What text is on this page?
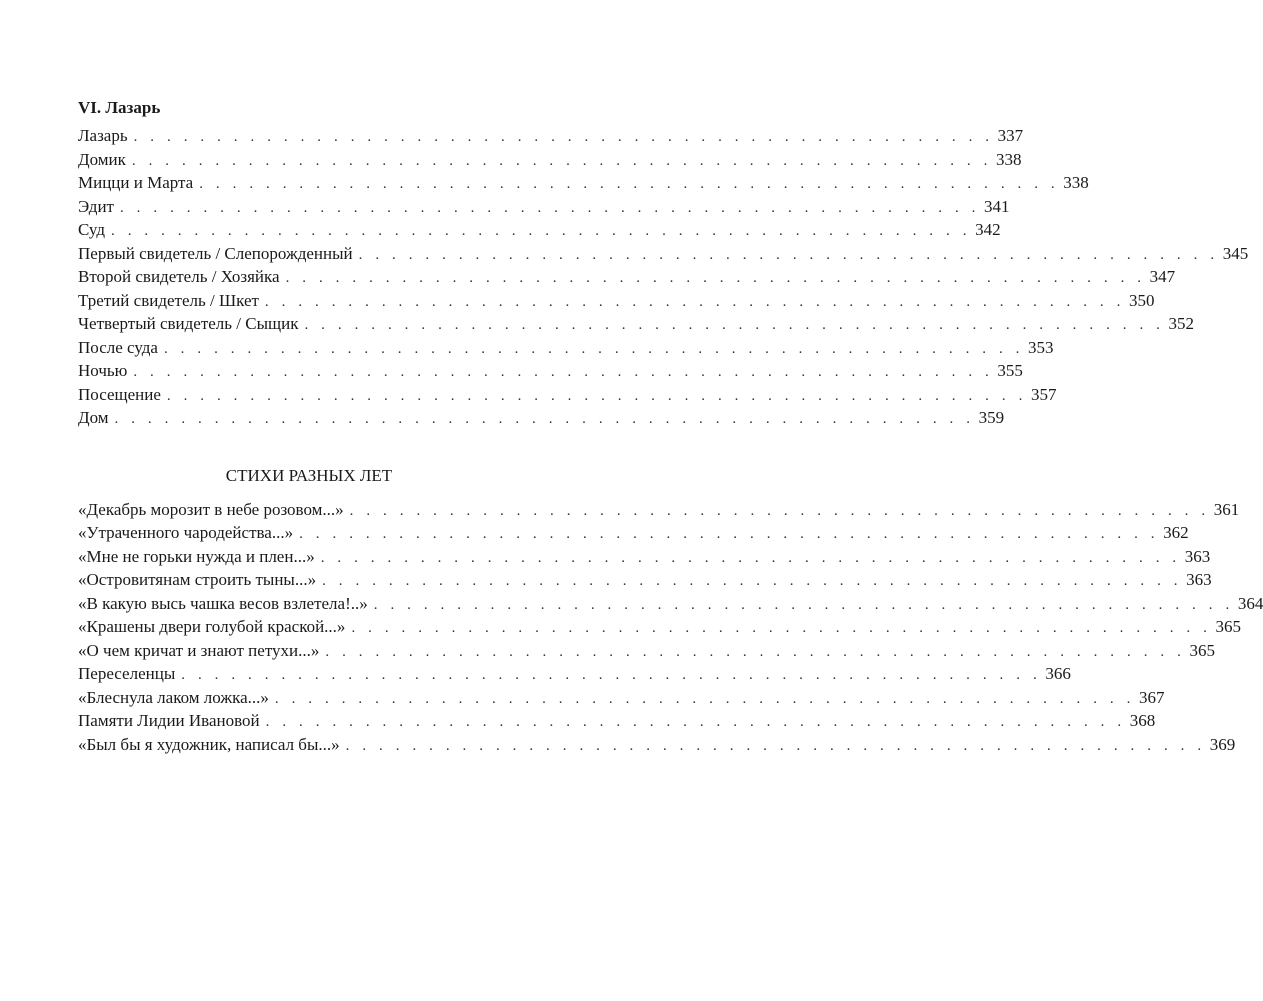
VI. Лазарь
Лазарь . . . . . . . . . . . . . . . . . . . . . . . . . . . . . . . . . . . . . . . . . . . . . . . . . . . . 337
Домик . . . . . . . . . . . . . . . . . . . . . . . . . . . . . . . . . . . . . . . . . . . . . . . . . . . . 338
Мицци и Марта . . . . . . . . . . . . . . . . . . . . . . . . . . . . . . . . . . . . . . . . . . . . . . . . . . . . 338
Эдит . . . . . . . . . . . . . . . . . . . . . . . . . . . . . . . . . . . . . . . . . . . . . . . . . . . . 341
Суд . . . . . . . . . . . . . . . . . . . . . . . . . . . . . . . . . . . . . . . . . . . . . . . . . . . . 342
Первый свидетель / Слепорожденный . . . . . . . . . . . . . . . . . . . . . . . . . . . . . . . . . . . . . . . . . . . . . . . . . . . . 345
Второй свидетель / Хозяйка . . . . . . . . . . . . . . . . . . . . . . . . . . . . . . . . . . . . . . . . . . . . . . . . . . . . 347
Третий свидетель / Шкет . . . . . . . . . . . . . . . . . . . . . . . . . . . . . . . . . . . . . . . . . . . . . . . . . . . . 350
Четвертый свидетель / Сыщик . . . . . . . . . . . . . . . . . . . . . . . . . . . . . . . . . . . . . . . . . . . . . . . . . . . . 352
После суда . . . . . . . . . . . . . . . . . . . . . . . . . . . . . . . . . . . . . . . . . . . . . . . . . . . . 353
Ночью . . . . . . . . . . . . . . . . . . . . . . . . . . . . . . . . . . . . . . . . . . . . . . . . . . . . 355
Посещение . . . . . . . . . . . . . . . . . . . . . . . . . . . . . . . . . . . . . . . . . . . . . . . . . . . . 357
Дом . . . . . . . . . . . . . . . . . . . . . . . . . . . . . . . . . . . . . . . . . . . . . . . . . . . . 359
СТИХИ РАЗНЫХ ЛЕТ
«Декабрь морозит в небе розовом...» . . . . . . . . . . . . . . . . . . . . . . . . . . . . . . . . . . . . . . . . . . . . . . . . . . . . 361
«Утраченного чародейства...» . . . . . . . . . . . . . . . . . . . . . . . . . . . . . . . . . . . . . . . . . . . . . . . . . . . . 362
«Мне не горьки нужда и плен...» . . . . . . . . . . . . . . . . . . . . . . . . . . . . . . . . . . . . . . . . . . . . . . . . . . . . 363
«Островитянам строить тыны...» . . . . . . . . . . . . . . . . . . . . . . . . . . . . . . . . . . . . . . . . . . . . . . . . . . . . 363
«В какую высь чашка весов взлетела!..» . . . . . . . . . . . . . . . . . . . . . . . . . . . . . . . . . . . . . . . . . . . . . . . . . . . . 364
«Крашены двери голубой краской...» . . . . . . . . . . . . . . . . . . . . . . . . . . . . . . . . . . . . . . . . . . . . . . . . . . . . 365
«О чем кричат и знают петухи...» . . . . . . . . . . . . . . . . . . . . . . . . . . . . . . . . . . . . . . . . . . . . . . . . . . . . 365
Переселенцы . . . . . . . . . . . . . . . . . . . . . . . . . . . . . . . . . . . . . . . . . . . . . . . . . . . . 366
«Блеснула лаком ложка...» . . . . . . . . . . . . . . . . . . . . . . . . . . . . . . . . . . . . . . . . . . . . . . . . . . . . 367
Памяти Лидии Ивановой . . . . . . . . . . . . . . . . . . . . . . . . . . . . . . . . . . . . . . . . . . . . . . . . . . . . 368
«Был бы я художник, написал бы...» . . . . . . . . . . . . . . . . . . . . . . . . . . . . . . . . . . . . . . . . . . . . . . . . . . . . 369
